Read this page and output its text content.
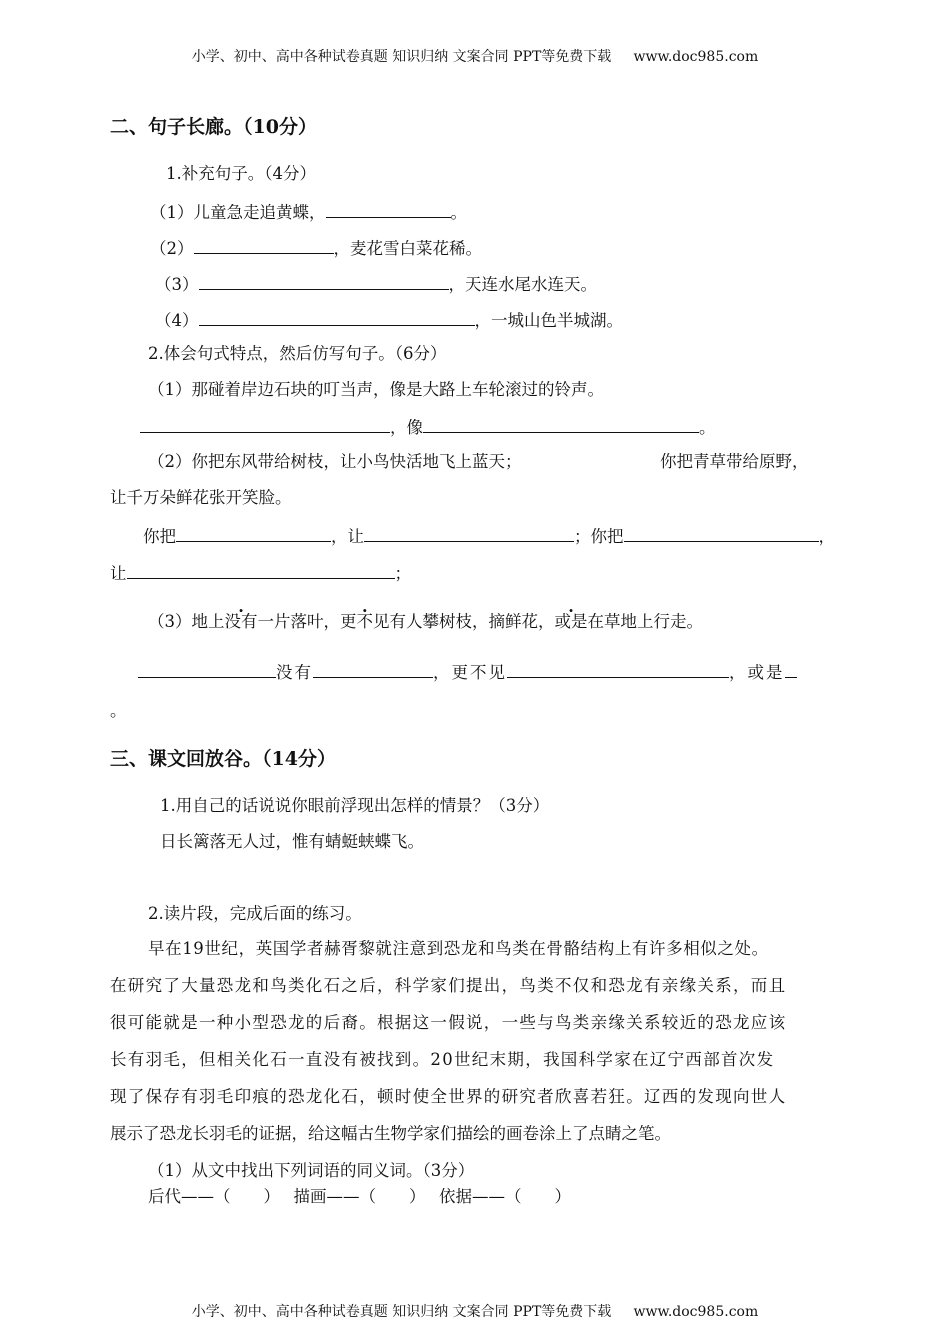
小学、初中、高中各种试卷真题 知识归纳 文案合同 PPT等免费下载 www.doc985.com
二、句子长廊。（10分）
1.补充句子。（4分）
（1）儿童急走追黄蝶，	。
（2）	，麦花雪白菜花稀。
（3）	，天连水尾水连天。
（4）	，一城山色半城湖。
2.体会句式特点，然后仿写句子。（6分）
（1）那碰着岸边石块的叮当声，像是大路上车轮滚过的铃声。
，像	。
（2）你把东风带给树枝，让小鸟快活地飞上蓝天；	你把青草带给原野，
让千万朵鲜花张开笑脸。
你把	，让	；你把	，
让	；
（3）地上没有一片落叶，更不见有人攀树枝，摘鲜花，或是在草地上行走。
没有	，更不见	，或是
。
三、课文回放谷。（14分）
1.用自己的话说说你眼前浮现出怎样的情景？（3分）
日长篱落无人过，惟有蜻蜓蛱蝶飞。
2.读片段，完成后面的练习。
早在19世纪，英国学者赫胥黎就注意到恐龙和鸟类在骨骼结构上有许多相似之处。
在研究了大量恐龙和鸟类化石之后，科学家们提出，鸟类不仅和恐龙有亲缘关系，而且
很可能就是一种小型恐龙的后裔。根据这一假说，一些与鸟类亲缘关系较近的恐龙应该
长有羽毛，但相关化石一直没有被找到。20世纪末期，我国科学家在辽宁西部首次发
现了保存有羽毛印痕的恐龙化石，顿时使全世界的研究者欣喜若狂。辽西的发现向世人
展示了恐龙长羽毛的证据，给这幅古生物学家们描绘的画卷涂上了点睛之笔。
（1）从文中找出下列词语的同义词。（3分）
后代——（　　）　 描画——（　　）　 依据——（　　）
小学、初中、高中各种试卷真题 知识归纳 文案合同 PPT等免费下载 www.doc985.com
